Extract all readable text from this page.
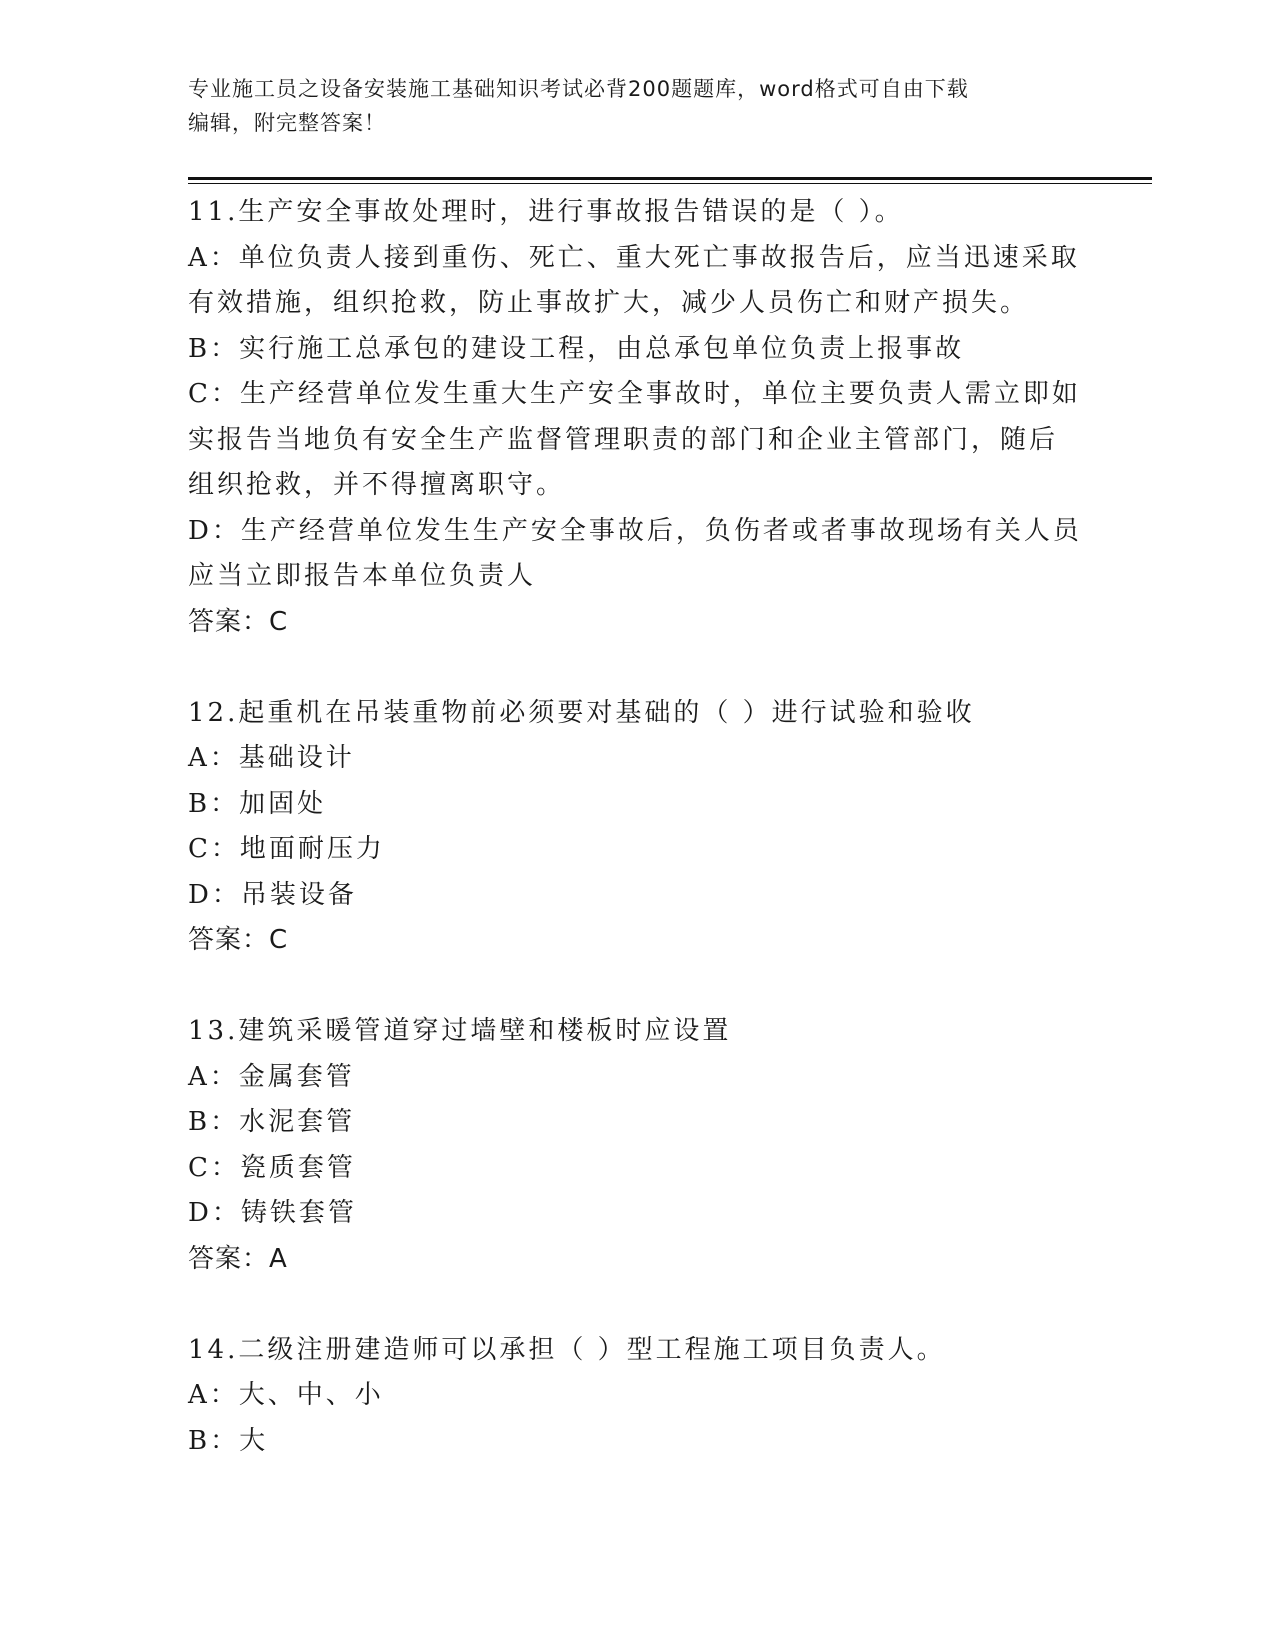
专业施工员之设备安装施工基础知识考试必背200题题库，word格式可自由下载
编辑，附完整答案！
11.生产安全事故处理时，进行事故报告错误的是（ ）。
A：单位负责人接到重伤、死亡、重大死亡事故报告后，应当迅速采取
有效措施，组织抢救，防止事故扩大，减少人员伤亡和财产损失。
B：实行施工总承包的建设工程，由总承包单位负责上报事故
C：生产经营单位发生重大生产安全事故时，单位主要负责人需立即如
实报告当地负有安全生产监督管理职责的部门和企业主管部门，随后
组织抢救，并不得擅离职守。
D：生产经营单位发生生产安全事故后，负伤者或者事故现场有关人员
应当立即报告本单位负责人
答案：C
12.起重机在吊装重物前必须要对基础的（ ）进行试验和验收
A：基础设计
B：加固处
C：地面耐压力
D：吊装设备
答案：C
13.建筑采暖管道穿过墙壁和楼板时应设置
A：金属套管
B：水泥套管
C：瓷质套管
D：铸铁套管
答案：A
14.二级注册建造师可以承担（ ）型工程施工项目负责人。
A：大、中、小
B：大
